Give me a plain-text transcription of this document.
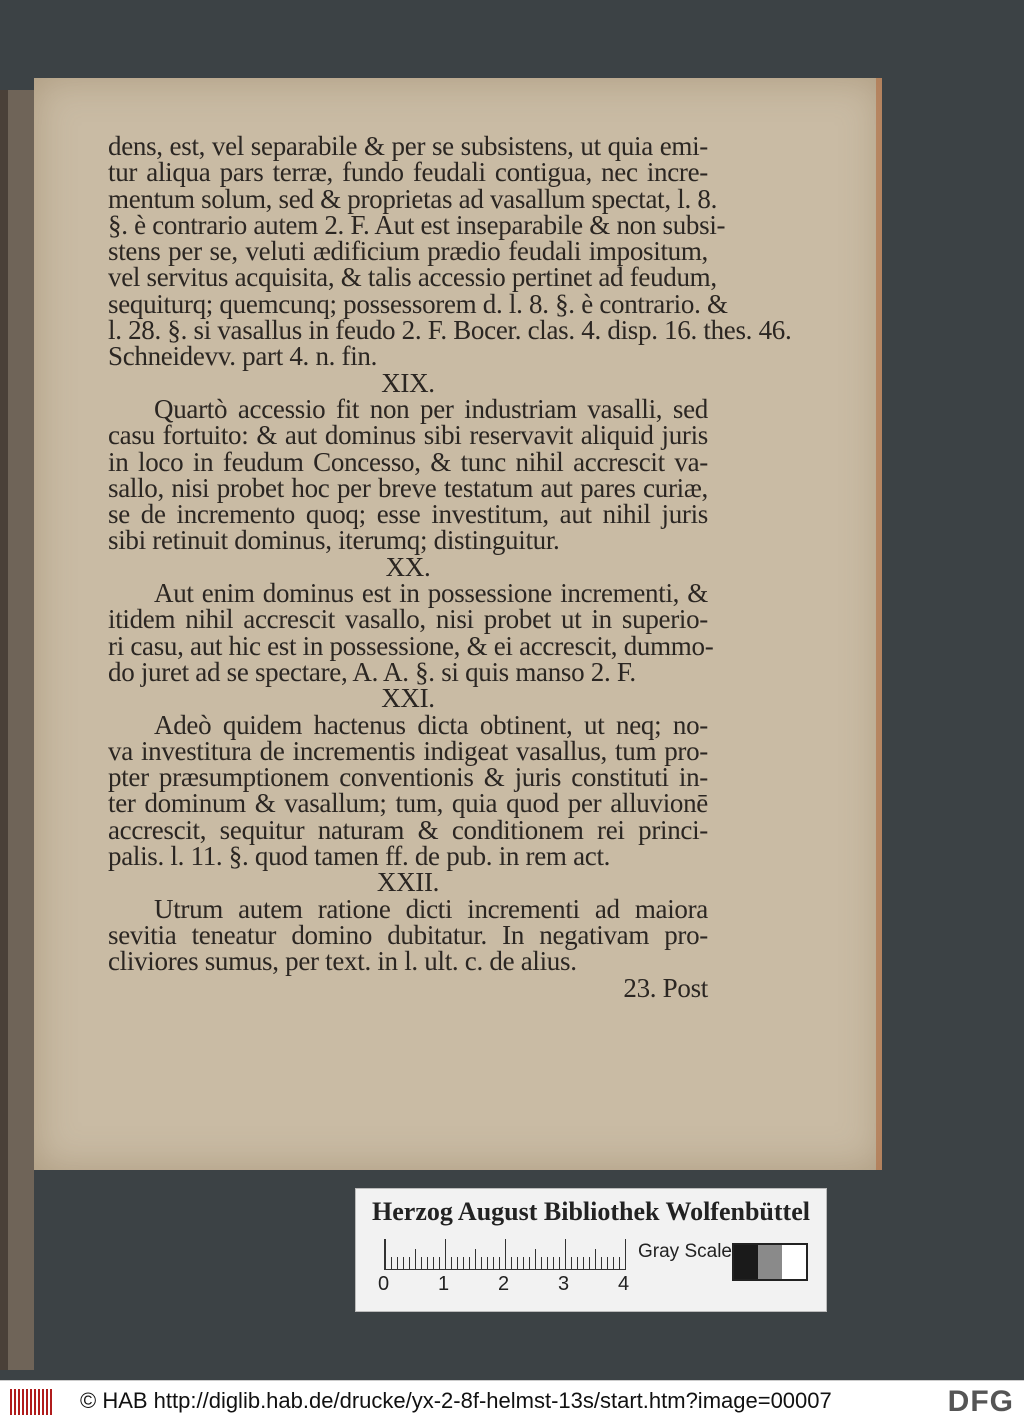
dens, est, vel separabile & per se subsistens, ut quia emi-
tur aliqua pars terræ, fundo feudali contigua, nec incre-
mentum solum, sed & proprietas ad vasallum spectat, l. 8.
§. è contrario autem 2. F. Aut est inseparabile & non subsi-
stens per se, veluti ædificium prædio feudali impositum,
vel servitus acquisita, & talis accessio pertinet ad feudum,
sequiturq; quemcunq; possessorem d. l. 8. §. è contrario. &
l. 28. §. si vasallus in feudo 2. F. Bocer. clas. 4. disp. 16. thes. 46.
Schneidevv. part 4. n. fin.
XIX.
Quartò accessio fit non per industriam vasalli, sed
casu fortuito: & aut dominus sibi reservavit aliquid juris
in loco in feudum Concesso, & tunc nihil accrescit va-
sallo, nisi probet hoc per breve testatum aut pares curiæ,
se de incremento quoq; esse investitum, aut nihil juris
sibi retinuit dominus, iterumq; distinguitur.
XX.
Aut enim dominus est in possessione incrementi, &
itidem nihil accrescit vasallo, nisi probet ut in superio-
ri casu, aut hic est in possessione, & ei accrescit, dummo-
do juret ad se spectare, A. A. §. si quis manso 2. F.
XXI.
Adeò quidem hactenus dicta obtinent, ut neq; no-
va investitura de incrementis indigeat vasallus, tum pro-
pter præsumptionem conventionis & juris constituti in-
ter dominum & vasallum; tum, quia quod per alluvionē
accrescit, sequitur naturam & conditionem rei princi-
palis. l. 11. §. quod tamen ff. de pub. in rem act.
XXII.
Utrum autem ratione dicti incrementi ad maiora
sevitia teneatur domino dubitatur. In negativam pro-
cliviores sumus, per text. in l. ult. c. de alius.
23. Post
Herzog August Bibliothek Wolfenbüttel
0 1 2 3 4
Gray Scale
© HAB http://diglib.hab.de/drucke/yx-2-8f-helmst-13s/start.htm?image=00007	DFG
